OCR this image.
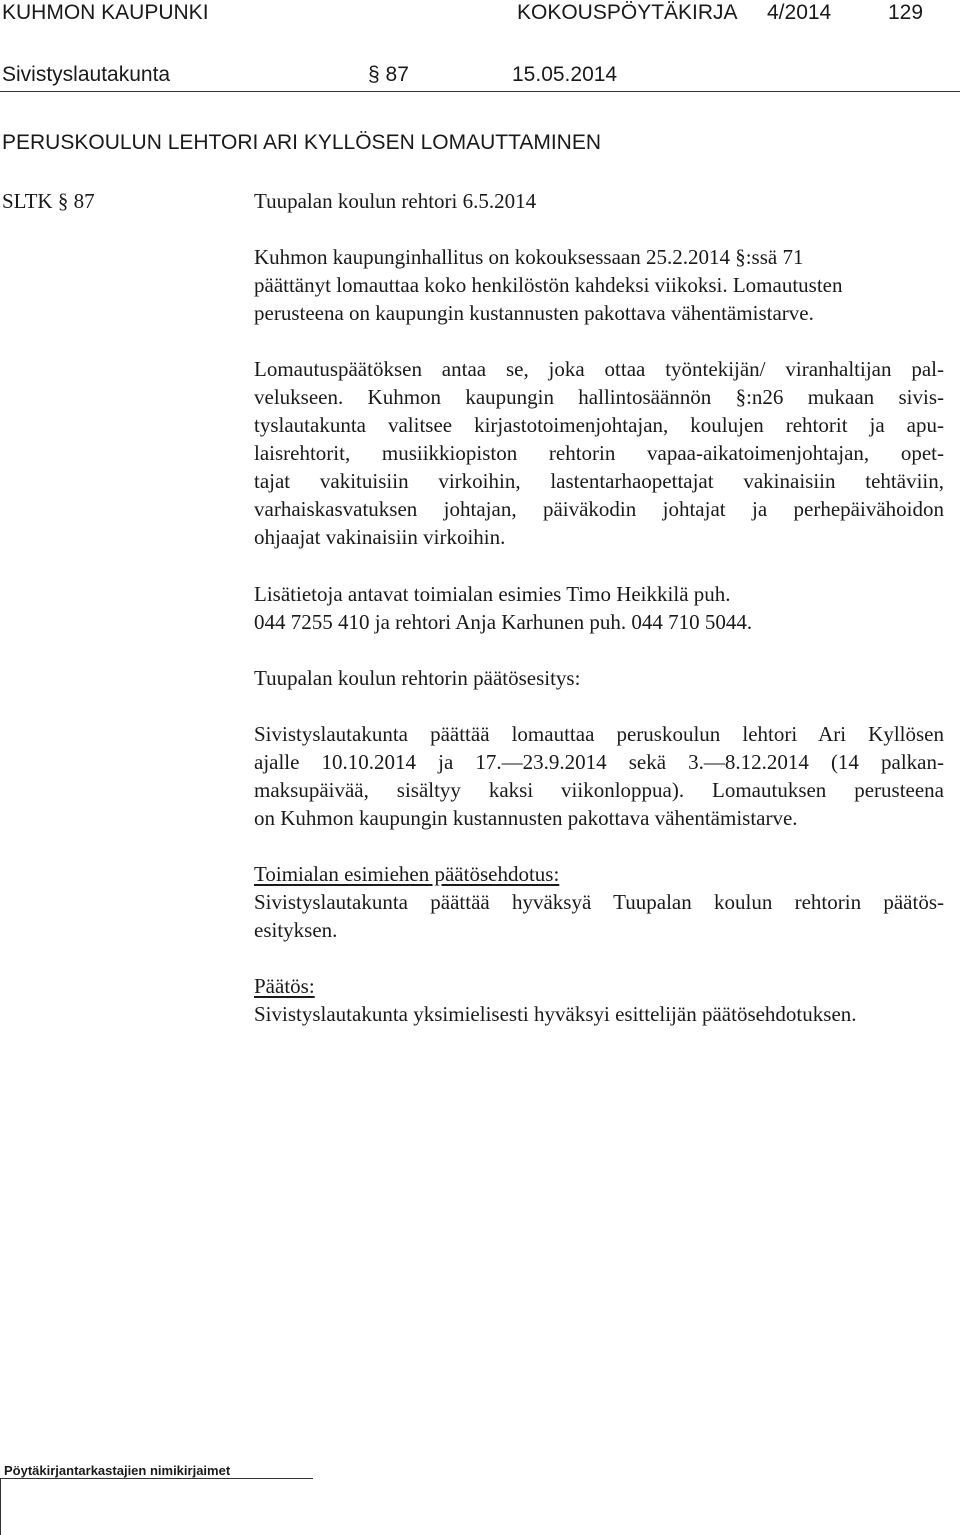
KUHMON KAUPUNKI	KOKOUSPÖYTÄKIRJA 4/2014	129
Sivistyslautakunta	§ 87	15.05.2014
PERUSKOULUN LEHTORI ARI KYLLÖSEN LOMAUTTAMINEN
SLTK § 87	Tuupalan koulun rehtori 6.5.2014
Kuhmon kaupunginhallitus on kokouksessaan 25.2.2014 §:ssä 71
päättänyt lomauttaa koko henkilöstön kahdeksi viikoksi. Lomautusten
perusteena on kaupungin kustannusten pakottava vähentämistarve.
Lomautuspäätöksen antaa se, joka ottaa työntekijän/ viranhaltijan pal-
velukseen. Kuhmon kaupungin hallintosäännön §:n26 mukaan sivis-
tyslautakunta valitsee kirjastotoimenjohtajan, koulujen rehtorit ja apu-
laisrehtorit, musiikkiopiston rehtorin vapaa-aikatoimenjohtajan, opet-
tajat vakituisiin virkoihin, lastentarhaopettajat vakinaisiin tehtäviin,
varhaiskasvatuksen johtajan, päiväkodin johtajat ja perhepäivähoidon
ohjaajat vakinaisiin virkoihin.
Lisätietoja antavat toimialan esimies Timo Heikkilä puh.
044 7255 410 ja rehtori Anja Karhunen puh. 044 710 5044.
Tuupalan koulun rehtorin päätösesitys:
Sivistyslautakunta päättää lomauttaa peruskoulun lehtori Ari Kyllösen
ajalle 10.10.2014 ja 17.—23.9.2014 sekä 3.—8.12.2014 (14 palkan-
maksupäivää, sisältyy kaksi viikonloppua). Lomautuksen perusteena
on Kuhmon kaupungin kustannusten pakottava vähentämistarve.
Toimialan esimiehen päätösehdotus:
Sivistyslautakunta päättää hyväksyä Tuupalan koulun rehtorin päätös-
esityksen.
Päätös:
Sivistyslautakunta yksimielisesti hyväksyi esittelijän päätösehdotuksen.
Pöytäkirjantarkastajien nimikirjaimet
